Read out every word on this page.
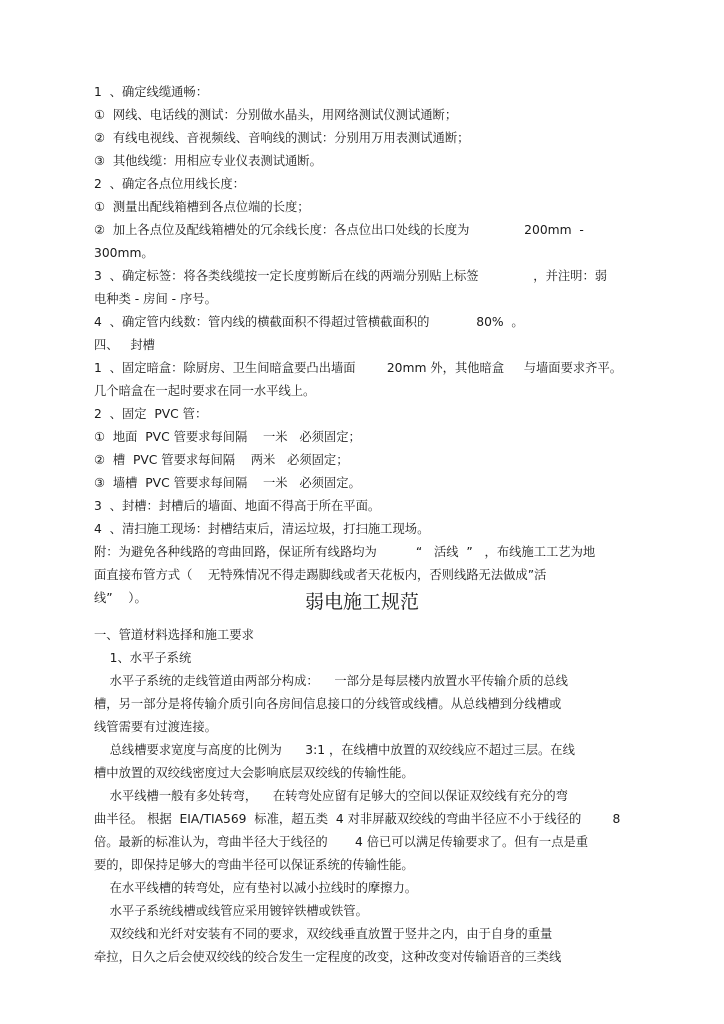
1  、确定线缆通畅：
①  网线、电话线的测试：分别做水晶头，用网络测试仪测试通断；
②  有线电视线、音视频线、音响线的测试：分别用万用表测试通断；
③  其他线缆：用相应专业仪表测试通断。
2  、确定各点位用线长度：
①  测量出配线箱槽到各点位端的长度；
②  加上各点位及配线箱槽处的冗余线长度：各点位出口处线的长度为              200mm  -
300mm。
3  、确定标签：将各类线缆按一定长度剪断后在线的两端分别贴上标签              ，并注明：弱
电种类 - 房间 - 序号。
4  、确定管内线数：管内线的横截面积不得超过管横截面积的            80%  。
四、   封槽
1  、固定暗盒：除厨房、卫生间暗盒要凸出墙面        20mm 外，其他暗盒     与墙面要求齐平。
几个暗盒在一起时要求在同一水平线上。
2  、固定  PVC 管：
①  地面  PVC 管要求每间隔    一米   必须固定；
②  槽  PVC 管要求每间隔    两米   必须固定；
③  墙槽  PVC 管要求每间隔    一米   必须固定。
3  、封槽：封槽后的墙面、地面不得高于所在平面。
4  、清扫施工现场：封槽结束后，清运垃圾，打扫施工现场。
附：为避免各种线路的弯曲回路，保证所有线路均为          “   活线  ”   ，布线施工工艺为地
面直接布管方式（    无特殊情况不得走踢脚线或者天花板内，否则线路无法做成”活
线”    ）。	弱电施工规范
一、管道材料选择和施工要求
1、水平子系统
水平子系统的走线管道由两部分构成：    一部分是每层楼内放置水平传输介质的总线
槽，另一部分是将传输介质引向各房间信息接口的分线管或线槽。从总线槽到分线槽或
线管需要有过渡连接。
总线槽要求宽度与高度的比例为      3:1 ，在线槽中放置的双绞线应不超过三层。在线
槽中放置的双绞线密度过大会影响底层双绞线的传输性能。
水平线槽一般有多处转弯，    在转弯处应留有足够大的空间以保证双绞线有充分的弯
曲半径。 根据  EIA/TIA569  标准，超五类  4 对非屏蔽双绞线的弯曲半径应不小于线径的        8
倍。最新的标准认为，弯曲半径大于线径的       4 倍已可以满足传输要求了。但有一点是重
要的，即保持足够大的弯曲半径可以保证系统的传输性能。
在水平线槽的转弯处，应有垫衬以减小拉线时的摩擦力。
水平子系统线槽或线管应采用镀锌铁槽或铁管。
双绞线和光纤对安装有不同的要求，双绞线垂直放置于竖井之内，由于自身的重量
牵拉，日久之后会使双绞线的绞合发生一定程度的改变，这种改变对传输语音的三类线
